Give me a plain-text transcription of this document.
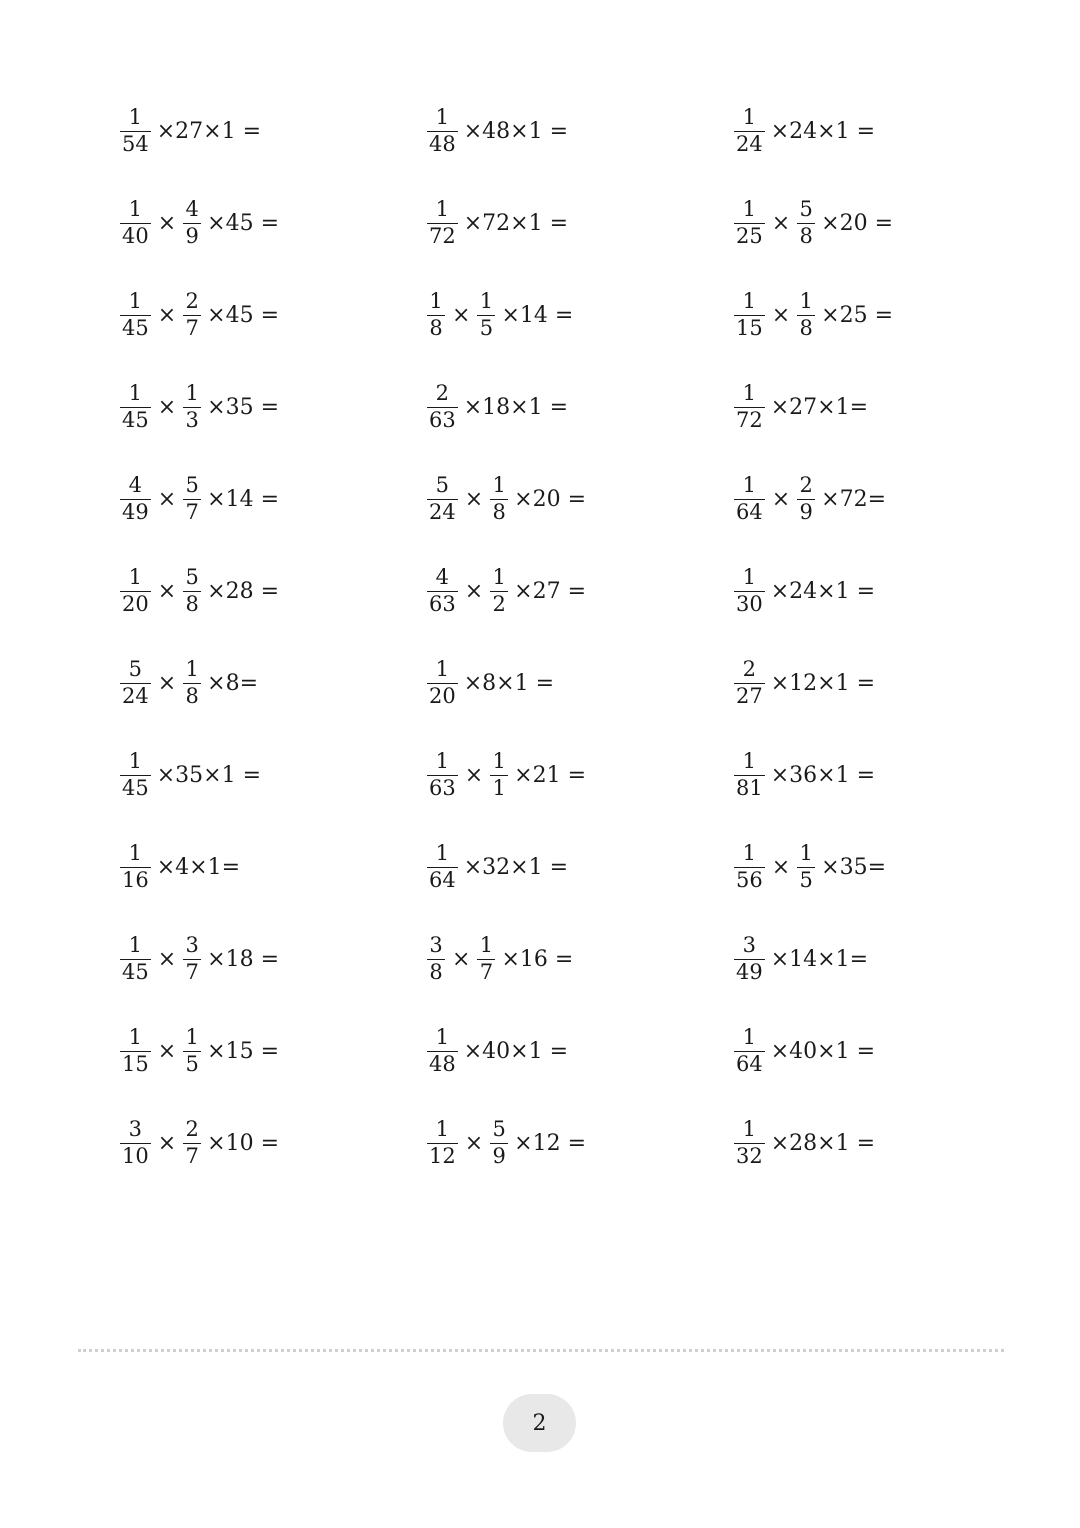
$\frac{1}{54} \times 27\times 1$ =	$\frac{1}{48} \times 48\times 1$ =	$\frac{1}{24} \times 24\times 1$ =
$\frac{1}{40} \times \frac{4}{9} \times 45$ =	$\frac{1}{72} \times 72\times 1$ =	$\frac{1}{25} \times \frac{5}{8} \times 20$ =
$\frac{1}{45} \times \frac{2}{7} \times 45$ =	$\frac{1}{8} \times \frac{1}{5} \times 14$ =	$\frac{1}{15} \times \frac{1}{8} \times 25$ =
$\frac{1}{45} \times \frac{1}{3} \times 35$ =	$\frac{2}{63} \times 18\times 1$ =	$\frac{1}{72} \times 27\times 1=$
$\frac{4}{49} \times \frac{5}{7} \times 14$ =	$\frac{5}{24} \times \frac{1}{8} \times 20$ =	$\frac{1}{64} \times \frac{2}{9} \times 72=$
$\frac{1}{20} \times \frac{5}{8} \times 28$ =	$\frac{4}{63} \times \frac{1}{2} \times 27$ =	$\frac{1}{30} \times 24\times 1$ =
$\frac{5}{24} \times \frac{1}{8} \times 8=$	$\frac{1}{20} \times 8\times 1$ =	$\frac{2}{27} \times 12\times 1$ =
$\frac{1}{45} \times 35\times 1$ =	$\frac{1}{63} \times \frac{1}{1} \times 21$ =	$\frac{1}{81} \times 36\times 1$ =
$\frac{1}{16} \times 4\times 1=$	$\frac{1}{64} \times 32\times 1$ =	$\frac{1}{56} \times \frac{1}{5} \times 35=$
$\frac{1}{45} \times \frac{3}{7} \times 18$ =	$\frac{3}{8} \times \frac{1}{7} \times 16$ =	$\frac{3}{49} \times 14\times 1=$
$\frac{1}{15} \times \frac{1}{5} \times 15$ =	$\frac{1}{48} \times 40\times 1$ =	$\frac{1}{64} \times 40\times 1$ =
$\frac{3}{10} \times \frac{2}{7} \times 10$ =	$\frac{1}{12} \times \frac{5}{9} \times 12$ =	$\frac{1}{32} \times 28\times 1$ =
2
